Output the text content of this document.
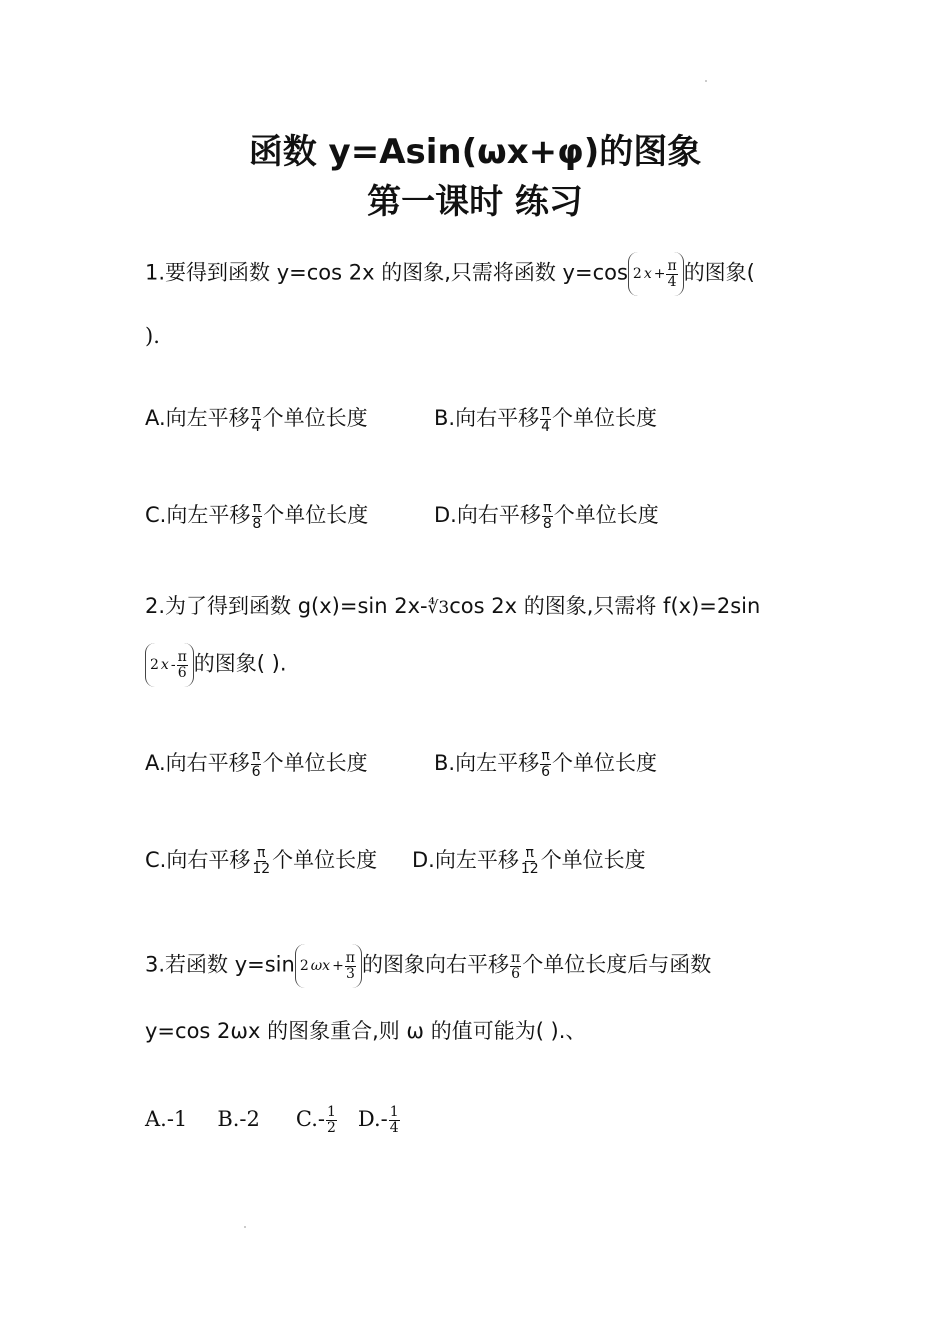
函数 y=Asin(ωx+φ)的图象
第一课时 练习
1.要得到函数 y=cos 2x 的图象,只需将函数 y=cos 2 $x + \frac{\pi}{4}$ 的图象(
).
A.向左平移 $\frac{\pi}{4}$ 个单位长度	B.向右平移 $\frac{\pi}{4}$ 个单位长度
C.向左平移 $\frac{\pi}{8}$ 个单位长度	D.向右平移 $\frac{\pi}{8}$ 个单位长度
2.为了得到函数 g(x)=sin 2x-∜3cos 2x 的图象,只需将 f(x)=2sin
2 x - $\frac{\pi}{6}$ 的图象( ).
A.向右平移 $\frac{\pi}{6}$ 个单位长度	B.向左平移 $\frac{\pi}{6}$ 个单位长度
C.向右平移 $\frac{\pi}{12}$ 个单位长度 D.向左平移 $\frac{\pi}{12}$ 个单位长度
3.若函数 y=sin 2 $\omega x + \frac{\pi}{3}$ 的图象向右平移 $\frac{\pi}{6}$ 个单位长度后与函数
y=cos 2ωx 的图象重合,则 ω 的值可能为( ).、
A.-1 B.-2 $C.- \frac{1}{2} D.- \frac{1}{4}$
